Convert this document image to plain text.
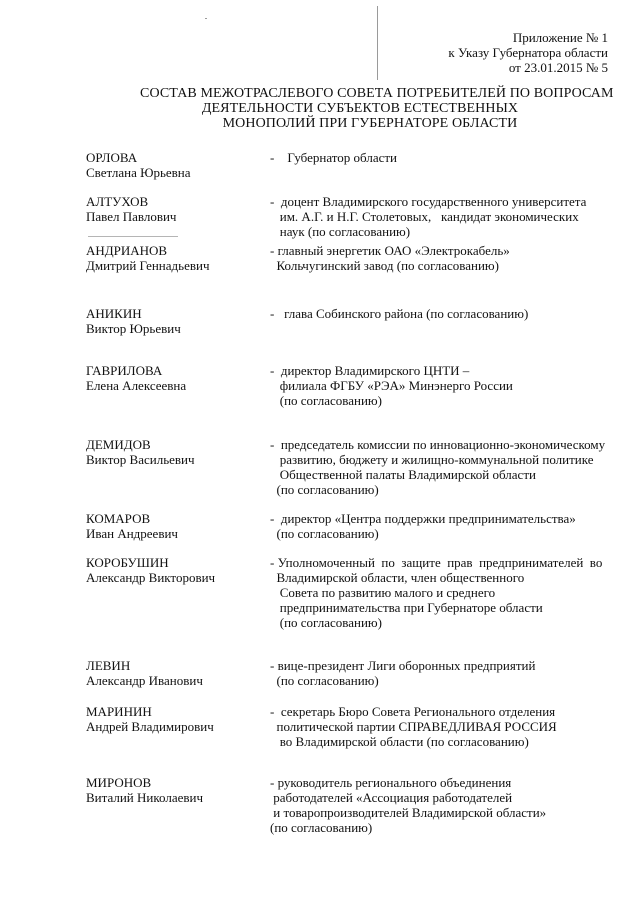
Приложение № 1
к Указу Губернатора области
от 23.01.2015 № 5
СОСТАВ МЕЖОТРАСЛЕВОГО СОВЕТА ПОТРЕБИТЕЛЕЙ ПО ВОПРОСАМ
ДЕЯТЕЛЬНОСТИ СУБЪЕКТОВ ЕСТЕСТВЕННЫХ
МОНОПОЛИЙ ПРИ ГУБЕРНАТОРЕ ОБЛАСТИ
ОРЛОВА
Светлана Юрьевна
-    Губернатор области
АЛТУХОВ
Павел Павлович
-  доцент Владимирского государственного университета
им. А.Г. и Н.Г. Столетовых,   кандидат экономических
наук (по согласованию)
АНДРИАНОВ
Дмитрий Геннадьевич
- главный энергетик ОАО «Электрокабель»
Кольчугинский завод (по согласованию)
АНИКИН
Виктор Юрьевич
-   глава Собинского района (по согласованию)
ГАВРИЛОВА
Елена Алексеевна
-  директор Владимирского ЦНТИ –
филиала ФГБУ «РЭА» Минэнерго России
(по согласованию)
ДЕМИДОВ
Виктор Васильевич
-  председатель комиссии по инновационно-экономическому
развитию, бюджету и жилищно-коммунальной политике
Общественной палаты Владимирской области
(по согласованию)
КОМАРОВ
Иван Андреевич
-  директор «Центра поддержки предпринимательства»
(по согласованию)
КОРОБУШИН
Александр Викторович
- Уполномоченный  по  защите  прав  предпринимателей  во
Владимирской области, член общественного
Совета по развитию малого и среднего
предпринимательства при Губернаторе области
(по согласованию)
ЛЕВИН
Александр Иванович
- вице-президент Лиги оборонных предприятий
(по согласованию)
МАРИНИН
Андрей Владимирович
-  секретарь Бюро Совета Регионального отделения
политической партии СПРАВЕДЛИВАЯ РОССИЯ
во Владимирской области (по согласованию)
МИРОНОВ
Виталий Николаевич
- руководитель регионального объединения
работодателей «Ассоциация работодателей
и товаропроизводителей Владимирской области»
(по согласованию)
